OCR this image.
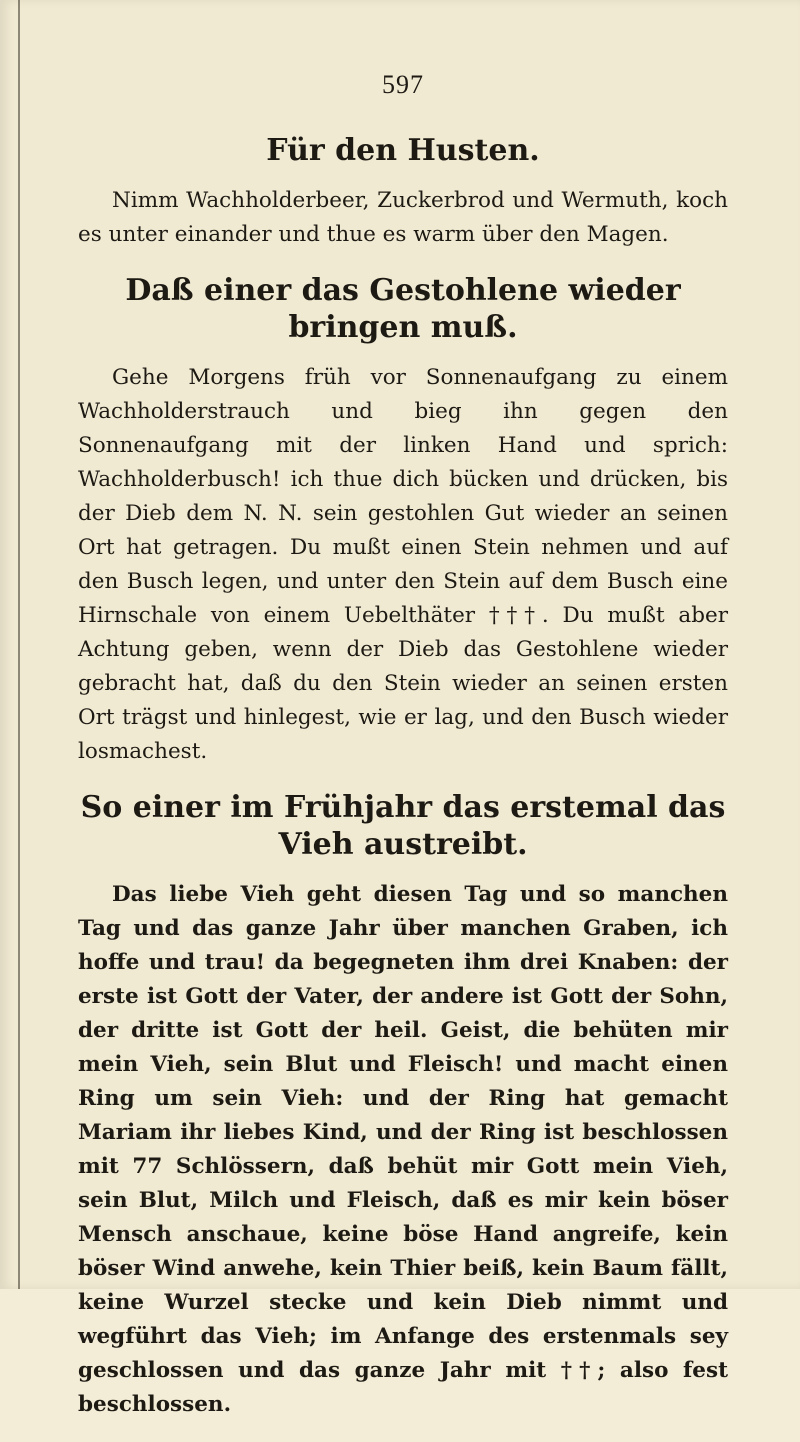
597
Für den Husten.
Nimm Wachholderbeer, Zuckerbrod und Wermuth, koch es unter einander und thue es warm über den Magen.
Daß einer das Gestohlene wieder bringen muß.
Gehe Morgens früh vor Sonnenaufgang zu einem Wachholderstrauch und bieg ihn gegen den Sonnenaufgang mit der linken Hand und sprich: Wachholderbusch! ich thue dich bücken und drücken, bis der Dieb dem N. N. sein gestohlen Gut wieder an seinen Ort hat getragen. Du mußt einen Stein nehmen und auf den Busch legen, und unter den Stein auf dem Busch eine Hirnschale von einem Uebelthäter †††. Du mußt aber Achtung geben, wenn der Dieb das Gestohlene wieder gebracht hat, daß du den Stein wieder an seinen ersten Ort trägst und hinlegest, wie er lag, und den Busch wieder losmachest.
So einer im Frühjahr das erstemal das Vieh austreibt.
Das liebe Vieh geht diesen Tag und so manchen Tag und das ganze Jahr über manchen Graben, ich hoffe und trau! da begegneten ihm drei Knaben: der erste ist Gott der Vater, der andere ist Gott der Sohn, der dritte ist Gott der heil. Geist, die behüten mir mein Vieh, sein Blut und Fleisch! und macht einen Ring um sein Vieh: und der Ring hat gemacht Mariam ihr liebes Kind, und der Ring ist beschlossen mit 77 Schlössern, daß behüt mir Gott mein Vieh, sein Blut, Milch und Fleisch, daß es mir kein böser Mensch anschaue, keine böse Hand angreife, kein böser Wind anwehe, kein Thier beiß, kein Baum fällt, keine Wurzel stecke und kein Dieb nimmt und wegführt das Vieh; im Anfange des erstenmals sey geschlossen und das ganze Jahr mit ††; also fest beschlossen.
